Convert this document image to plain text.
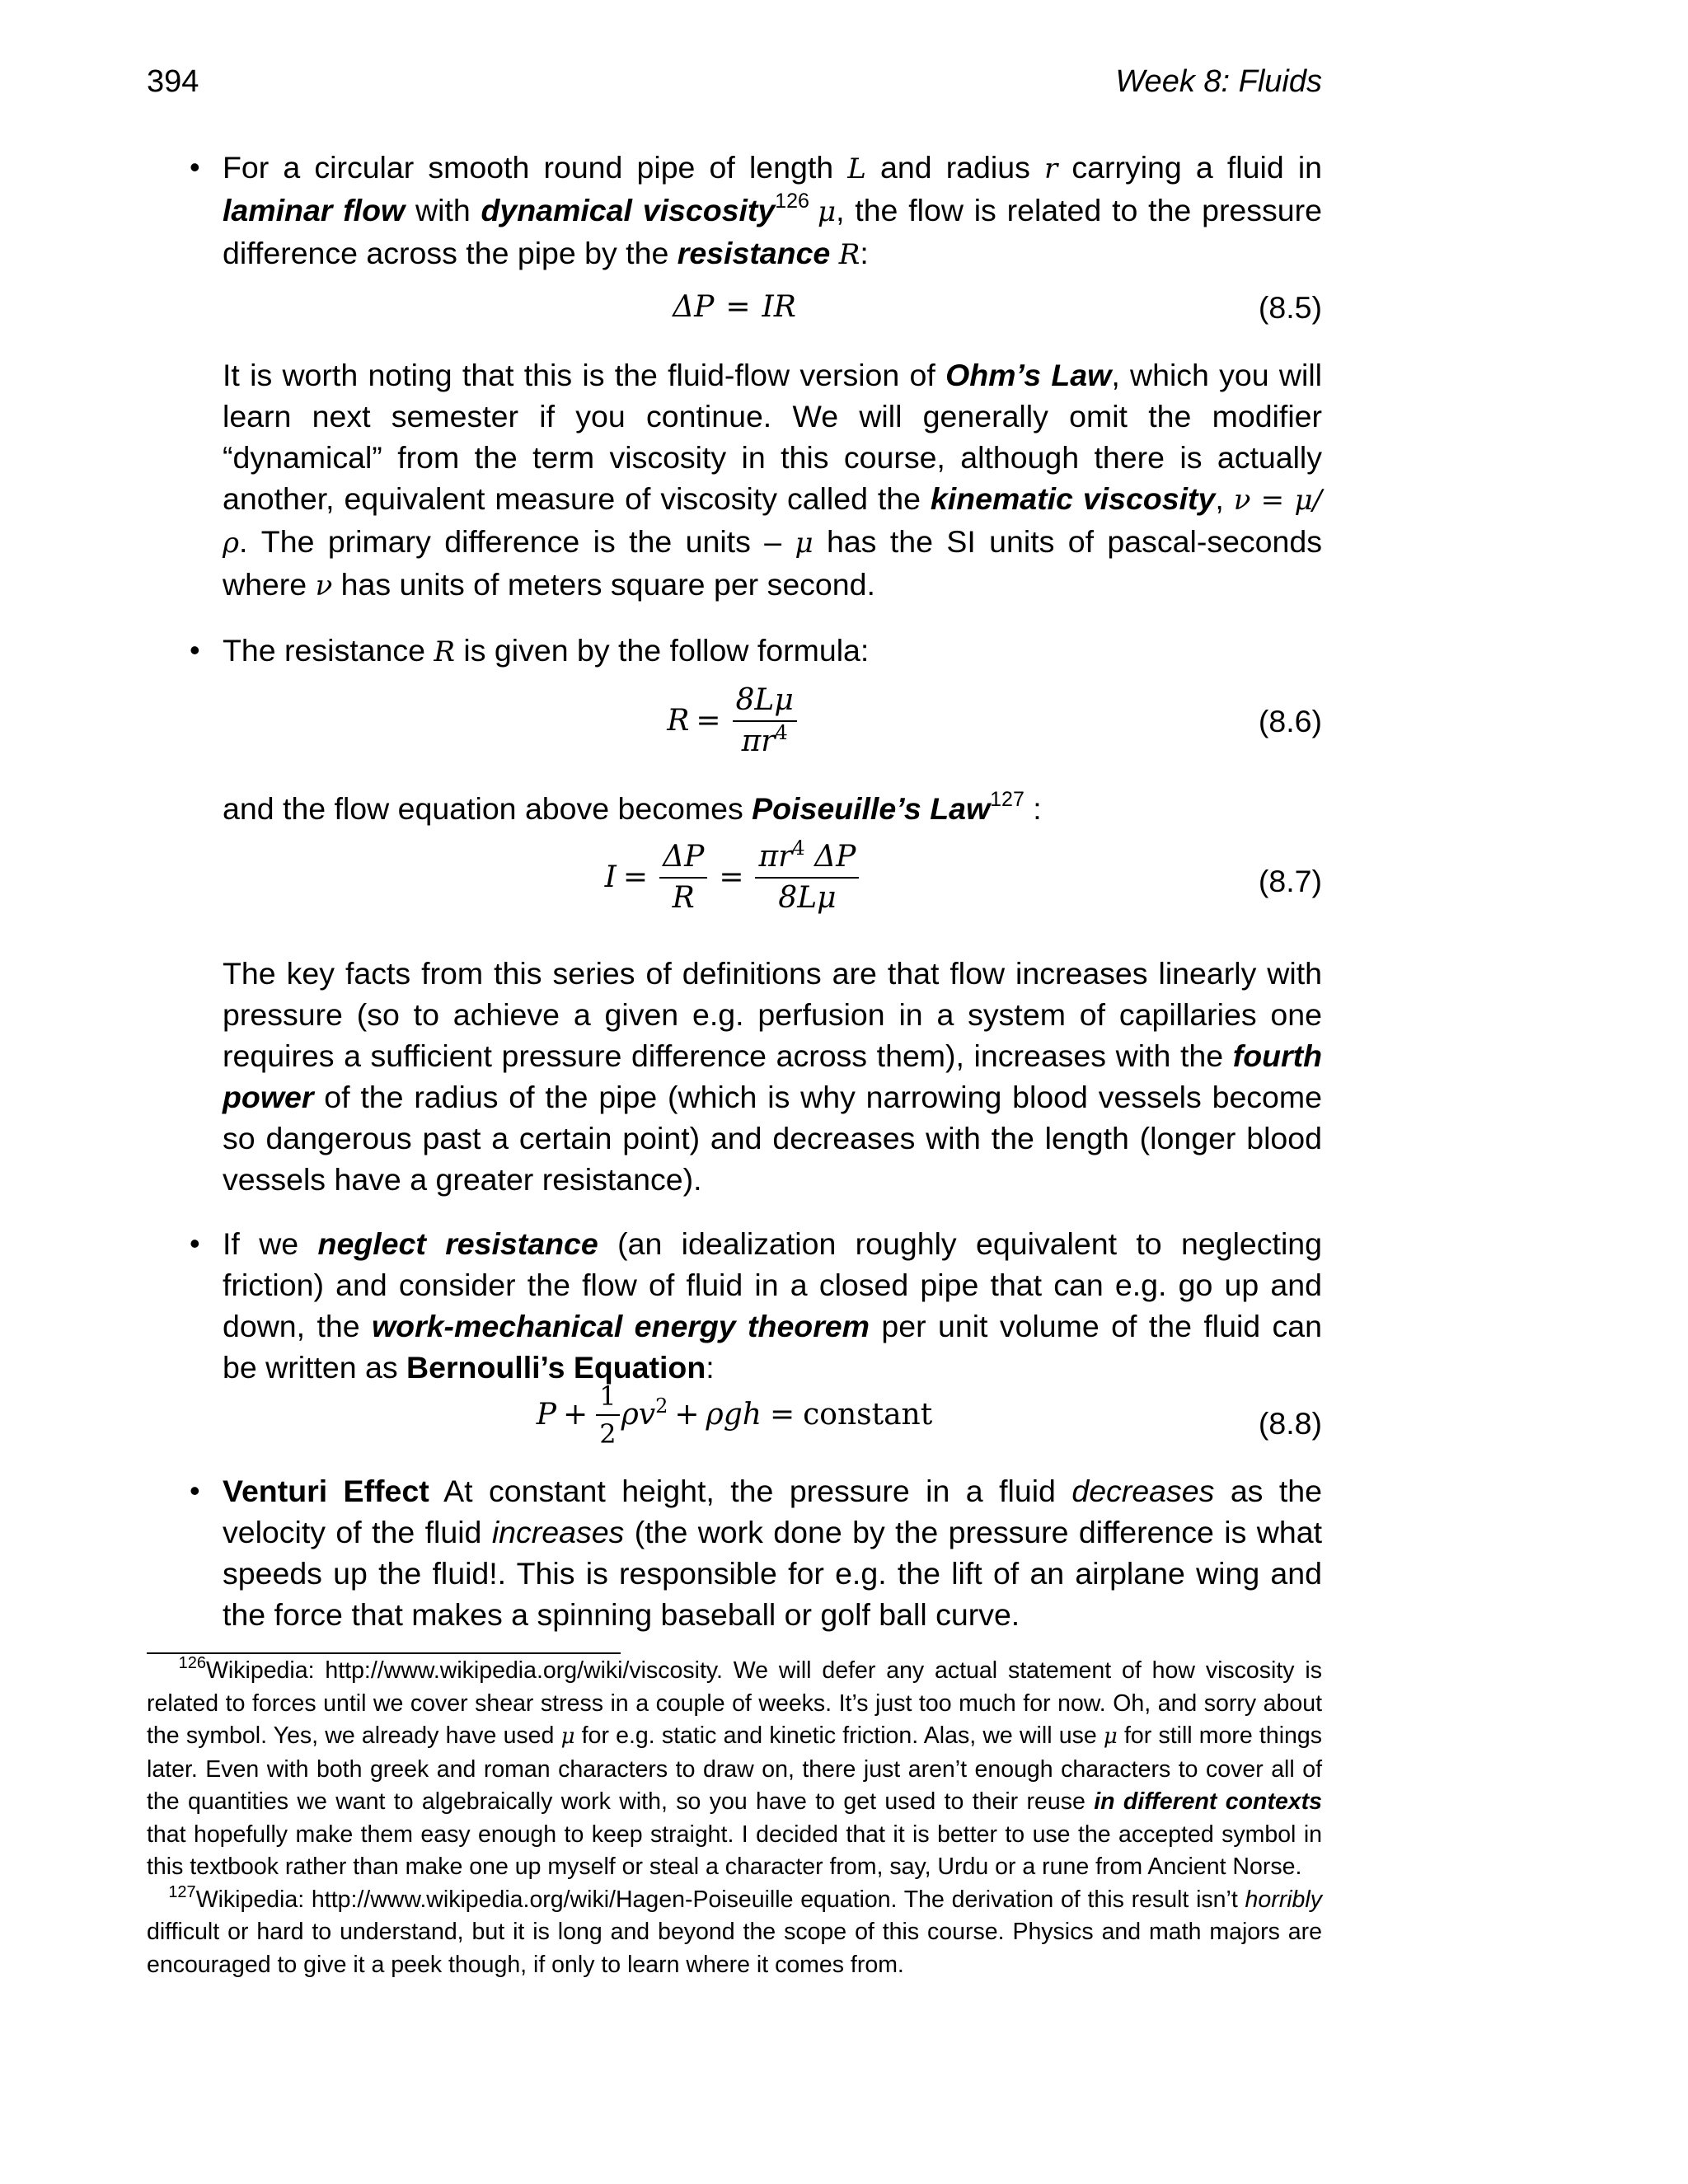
394	Week 8: Fluids
• For a circular smooth round pipe of length L and radius r carrying a fluid in laminar flow with dynamical viscosity$^{126}$ μ, the flow is related to the pressure difference across the pipe by the resistance R:

ΔP = IR	(8.5)

It is worth noting that this is the fluid-flow version of Ohm’s Law, which you will learn next semester if you continue. We will generally omit the modifier “dynamical” from the term viscosity in this course, although there is actually another, equivalent measure of viscosity called the kinematic viscosity, ν = μ/ρ. The primary difference is the units – μ has the SI units of pascal-seconds where ν has units of meters square per second.

• The resistance R is given by the follow formula:

$R = \frac{8L\mu}{\pi r^4}$	(8.6)

and the flow equation above becomes Poiseuille’s Law$^{127}$ :

$I = \frac{\Delta P}{R} = \frac{\pi r^4 \Delta P}{8L\mu}$	(8.7)

The key facts from this series of definitions are that flow increases linearly with pressure (so to achieve a given e.g. perfusion in a system of capillaries one requires a sufficient pressure difference across them), increases with the fourth power of the radius of the pipe (which is why narrowing blood vessels become so dangerous past a certain point) and decreases with the length (longer blood vessels have a greater resistance).

• If we neglect resistance (an idealization roughly equivalent to neglecting friction) and consider the flow of fluid in a closed pipe that can e.g. go up and down, the work-mechanical energy theorem per unit volume of the fluid can be written as Bernoulli’s Equation:

$P + \frac{1}{2} \rho v^2 + \rho gh$ = constant	(8.8)
• Venturi Effect At constant height, the pressure in a fluid decreases as the velocity of the fluid increases (the work done by the pressure difference is what speeds up the fluid!. This is responsible for e.g. the lift of an airplane wing and the force that makes a spinning baseball or golf ball curve.

$^{126}$Wikipedia: http://www.wikipedia.org/wiki/viscosity. We will defer any actual statement of how viscosity is related to forces until we cover shear stress in a couple of weeks. It’s just too much for now. Oh, and sorry about the symbol. Yes, we already have used μ for e.g. static and kinetic friction. Alas, we will use μ for still more things later. Even with both greek and roman characters to draw on, there just aren’t enough characters to cover all of the quantities we want to algebraically work with, so you have to get used to their reuse in different contexts that hopefully make them easy enough to keep straight. I decided that it is better to use the accepted symbol in this textbook rather than make one up myself or steal a character from, say, Urdu or a rune from Ancient Norse.

$^{127}$Wikipedia: http://www.wikipedia.org/wiki/Hagen-Poiseuille equation. The derivation of this result isn’t horribly difficult or hard to understand, but it is long and beyond the scope of this course. Physics and math majors are encouraged to give it a peek though, if only to learn where it comes from.
